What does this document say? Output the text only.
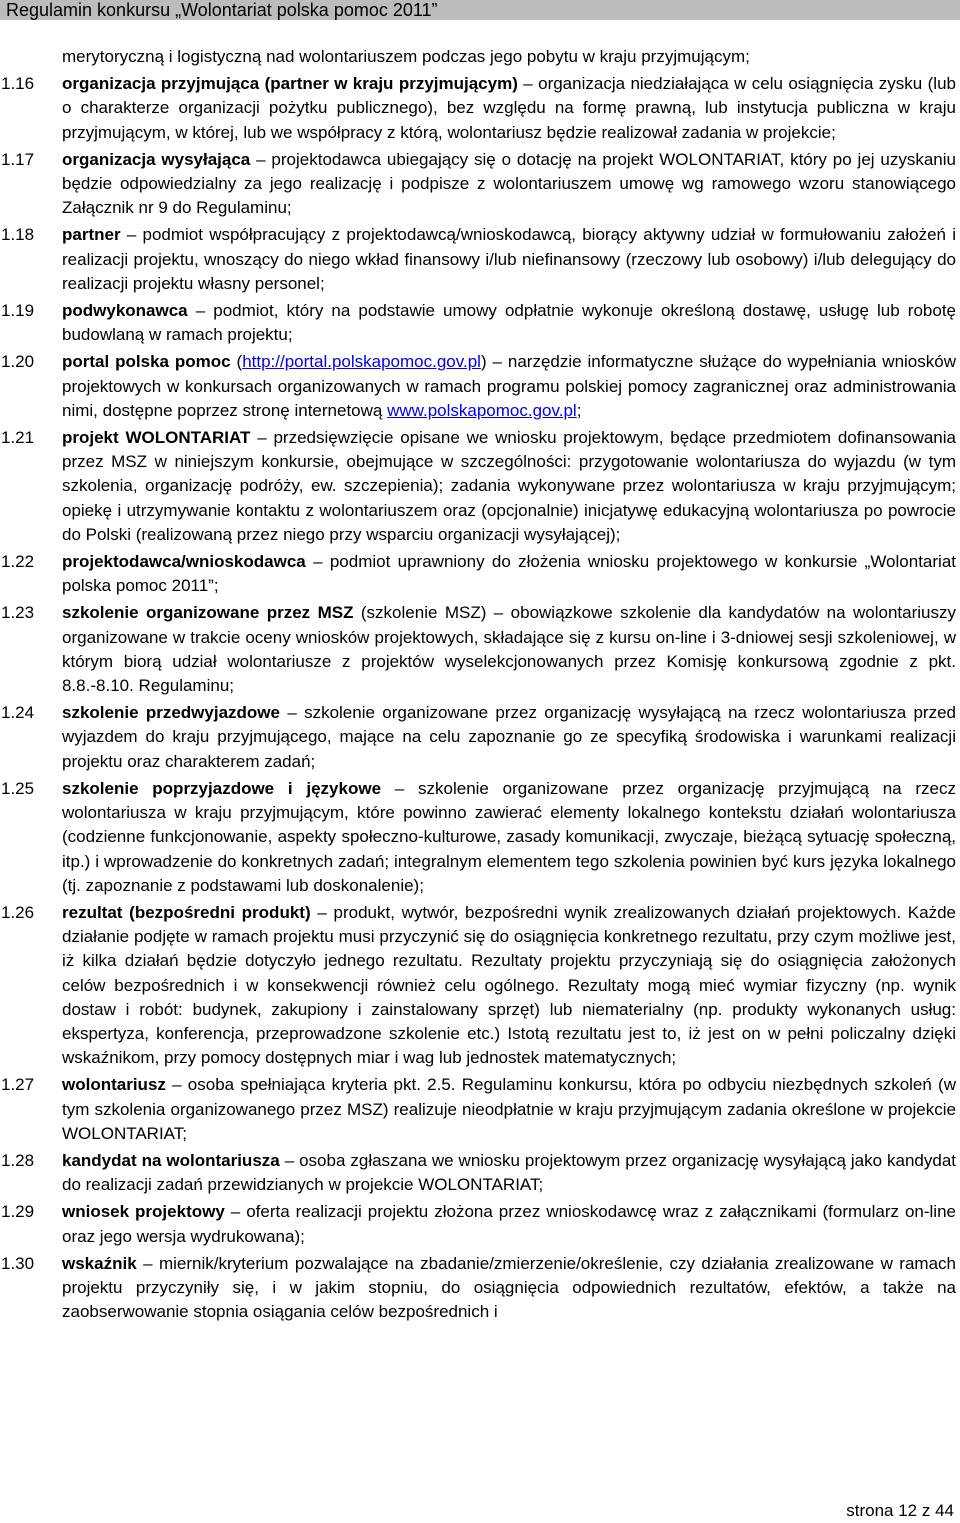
Regulamin konkursu „Wolontariat polska pomoc 2011”
merytoryczną i logistyczną nad wolontariuszem podczas jego pobytu w kraju przyjmującym;
1.16	organizacja przyjmująca (partner w kraju przyjmującym) – organizacja niedziałająca w celu osiągnięcia zysku (lub o charakterze organizacji pożytku publicznego), bez względu na formę prawną, lub instytucja publiczna w kraju przyjmującym, w której, lub we współpracy z którą, wolontariusz będzie realizował zadania w projekcie;
1.17	organizacja wysyłająca – projektodawca ubiegający się o dotację na projekt WOLONTARIAT, który po jej uzyskaniu będzie odpowiedzialny za jego realizację i podpisze z wolontariuszem umowę wg ramowego wzoru stanowiącego Załącznik nr 9 do Regulaminu;
1.18	partner – podmiot współpracujący z projektodawcą/wnioskodawcą, biorący aktywny udział w formułowaniu założeń i realizacji projektu, wnoszący do niego wkład finansowy i/lub niefinansowy (rzeczowy lub osobowy) i/lub delegujący do realizacji projektu własny personel;
1.19	podwykonawca – podmiot, który na podstawie umowy odpłatnie wykonuje określoną dostawę, usługę lub robotę budowlaną w ramach projektu;
1.20	portal polska pomoc (http://portal.polskapomoc.gov.pl) – narzędzie informatyczne służące do wypełniania wniosków projektowych w konkursach organizowanych w ramach programu polskiej pomocy zagranicznej oraz administrowania nimi, dostępne poprzez stronę internetową www.polskapomoc.gov.pl;
1.21	projekt WOLONTARIAT – przedsięwzięcie opisane we wniosku projektowym, będące przedmiotem dofinansowania przez MSZ w niniejszym konkursie, obejmujące w szczególności: przygotowanie wolontariusza do wyjazdu (w tym szkolenia, organizację podróży, ew. szczepienia); zadania wykonywane przez wolontariusza w kraju przyjmującym; opiekę i utrzymywanie kontaktu z wolontariuszem oraz (opcjonalnie) inicjatywę edukacyjną wolontariusza po powrocie do Polski (realizowaną przez niego przy wsparciu organizacji wysyłającej);
1.22	projektodawca/wnioskodawca – podmiot uprawniony do złożenia wniosku projektowego w konkursie „Wolontariat polska pomoc 2011”;
1.23	szkolenie organizowane przez MSZ (szkolenie MSZ) – obowiązkowe szkolenie dla kandydatów na wolontariuszy organizowane w trakcie oceny wniosków projektowych, składające się z kursu on-line i 3-dniowej sesji szkoleniowej, w którym biorą udział wolontariusze z projektów wyselekcjonowanych przez Komisję konkursową zgodnie z pkt. 8.8.-8.10. Regulaminu;
1.24	szkolenie przedwyjazdowe – szkolenie organizowane przez organizację wysyłającą na rzecz wolontariusza przed wyjazdem do kraju przyjmującego, mające na celu zapoznanie go ze specyfiką środowiska i warunkami realizacji projektu oraz charakterem zadań;
1.25	szkolenie poprzyjazdowe i językowe – szkolenie organizowane przez organizację przyjmującą na rzecz wolontariusza w kraju przyjmującym, które powinno zawierać elementy lokalnego kontekstu działań wolontariusza (codzienne funkcjonowanie, aspekty społeczno-kulturowe, zasady komunikacji, zwyczaje, bieżącą sytuację społeczną, itp.) i wprowadzenie do konkretnych zadań; integralnym elementem tego szkolenia powinien być kurs języka lokalnego (tj. zapoznanie z podstawami lub doskonalenie);
1.26	rezultat (bezpośredni produkt) – produkt, wytwór, bezpośredni wynik zrealizowanych działań projektowych. Każde działanie podjęte w ramach projektu musi przyczynić się do osiągnięcia konkretnego rezultatu, przy czym możliwe jest, iż kilka działań będzie dotyczyło jednego rezultatu. Rezultaty projektu przyczyniają się do osiągnięcia założonych celów bezpośrednich i w konsekwencji również celu ogólnego. Rezultaty mogą mieć wymiar fizyczny (np. wynik dostaw i robót: budynek, zakupiony i zainstalowany sprzęt) lub niematerialny (np. produkty wykonanych usług: ekspertyza, konferencja, przeprowadzone szkolenie etc.) Istotą rezultatu jest to, iż jest on w pełni policzalny dzięki wskaźnikom, przy pomocy dostępnych miar i wag lub jednostek matematycznych;
1.27	wolontariusz – osoba spełniająca kryteria pkt. 2.5. Regulaminu konkursu, która po odbyciu niezbędnych szkoleń (w tym szkolenia organizowanego przez MSZ) realizuje nieodpłatnie w kraju przyjmującym zadania określone w projekcie WOLONTARIAT;
1.28	kandydat na wolontariusza – osoba zgłaszana we wniosku projektowym przez organizację wysyłającą jako kandydat do realizacji zadań przewidzianych w projekcie WOLONTARIAT;
1.29	wniosek projektowy – oferta realizacji projektu złożona przez wnioskodawcę wraz z załącznikami (formularz on-line oraz jego wersja wydrukowana);
1.30	wskaźnik – miernik/kryterium pozwalające na zbadanie/zmierzenie/określenie, czy działania zrealizowane w ramach projektu przyczyniły się, i w jakim stopniu, do osiągnięcia odpowiednich rezultatów, efektów, a także na zaobserwowanie stopnia osiągania celów bezpośrednich i
strona 12 z 44
